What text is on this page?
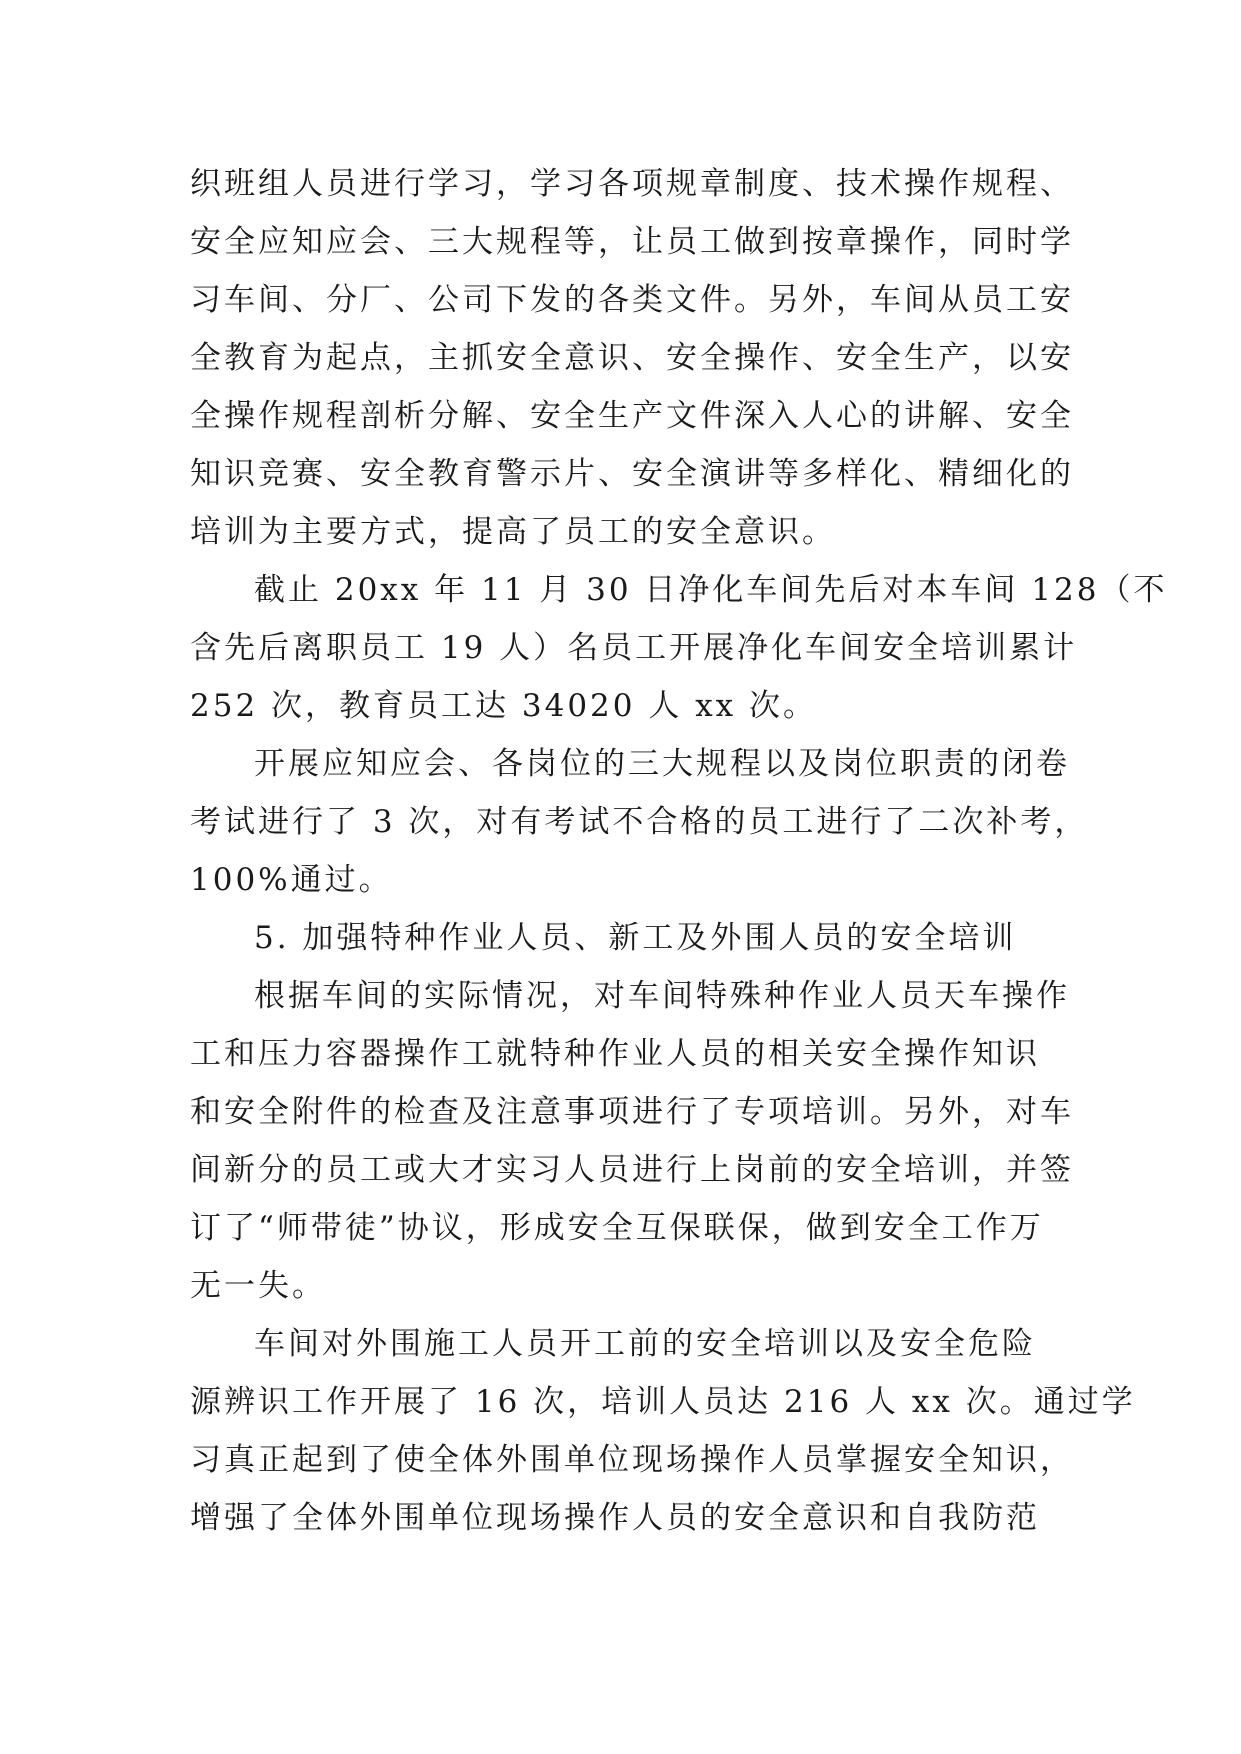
织班组人员进行学习，学习各项规章制度、技术操作规程、
安全应知应会、三大规程等，让员工做到按章操作，同时学
习车间、分厂、公司下发的各类文件。另外，车间从员工安
全教育为起点，主抓安全意识、安全操作、安全生产，以安
全操作规程剖析分解、安全生产文件深入人心的讲解、安全
知识竞赛、安全教育警示片、安全演讲等多样化、精细化的
培训为主要方式，提高了员工的安全意识。
截止 20xx 年 11 月 30 日净化车间先后对本车间 128（不
含先后离职员工 19 人）名员工开展净化车间安全培训累计
252 次，教育员工达 34020 人 xx 次。
开展应知应会、各岗位的三大规程以及岗位职责的闭卷
考试进行了 3 次，对有考试不合格的员工进行了二次补考，
100%通过。
5. 加强特种作业人员、新工及外围人员的安全培训
根据车间的实际情况，对车间特殊种作业人员天车操作
工和压力容器操作工就特种作业人员的相关安全操作知识
和安全附件的检查及注意事项进行了专项培训。另外，对车
间新分的员工或大才实习人员进行上岗前的安全培训，并签
订了“师带徒”协议，形成安全互保联保，做到安全工作万
无一失。
车间对外围施工人员开工前的安全培训以及安全危险
源辨识工作开展了 16 次，培训人员达 216 人 xx 次。通过学
习真正起到了使全体外围单位现场操作人员掌握安全知识，
增强了全体外围单位现场操作人员的安全意识和自我防范
